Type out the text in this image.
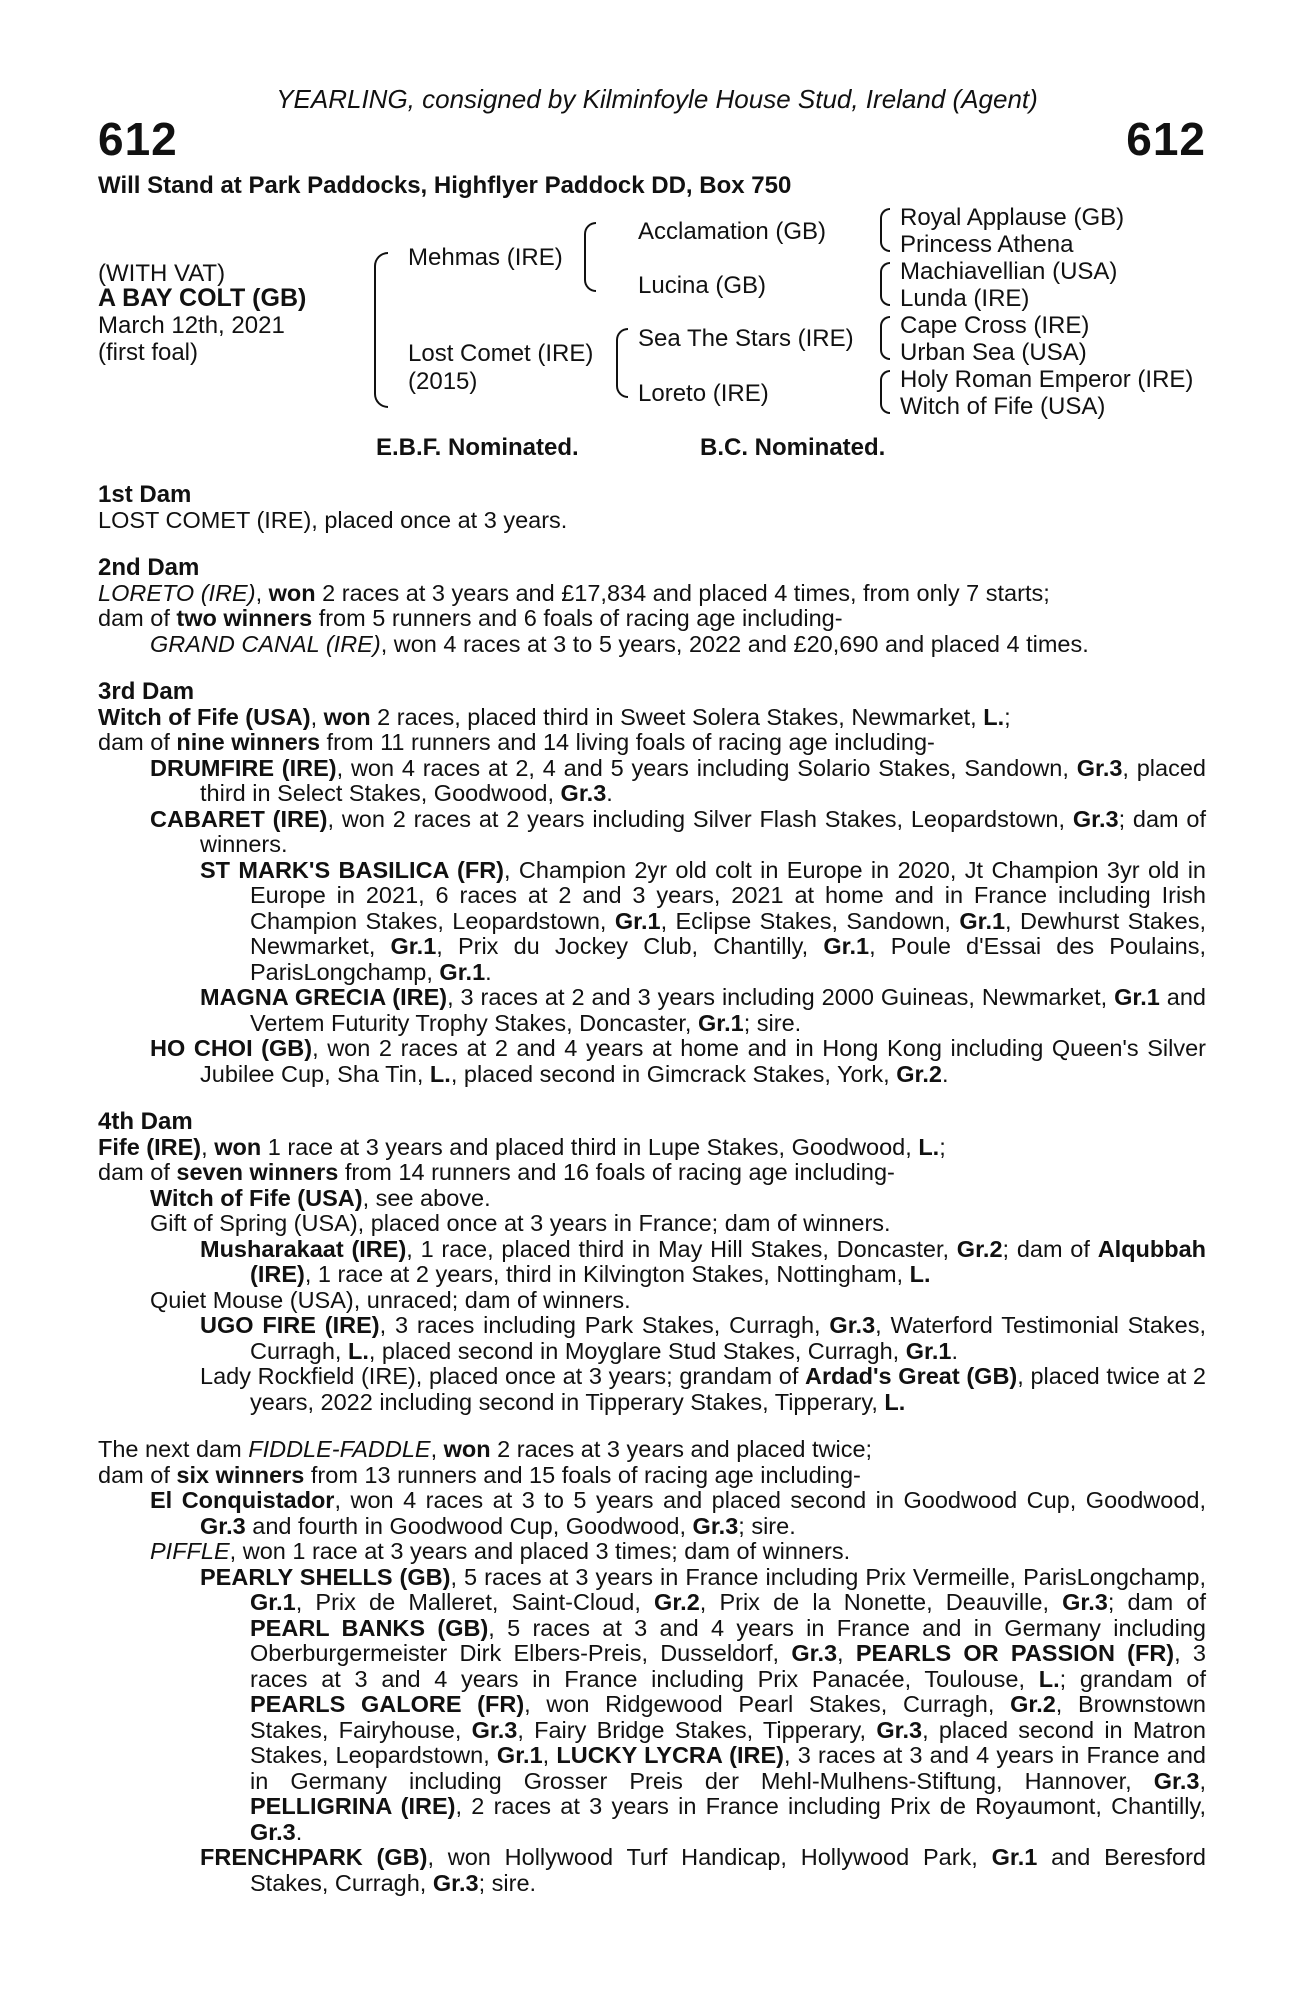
YEARLING, consigned by Kilminfoyle House Stud, Ireland (Agent)
612	612
Will Stand at Park Paddocks, Highflyer Paddock DD, Box 750
(WITH VAT)
A BAY COLT (GB)
March 12th, 2021
(first foal)
Mehmas (IRE)
Lost Comet (IRE)
(2015)
Acclamation (GB)
Lucina (GB)
Sea The Stars (IRE)
Loreto (IRE)
Royal Applause (GB)
Princess Athena
Machiavellian (USA)
Lunda (IRE)
Cape Cross (IRE)
Urban Sea (USA)
Holy Roman Emperor (IRE)
Witch of Fife (USA)
E.B.F. Nominated.	B.C. Nominated.
1st Dam
LOST COMET (IRE), placed once at 3 years.
2nd Dam
LORETO (IRE), won 2 races at 3 years and £17,834 and placed 4 times, from only 7 starts;
dam of two winners from 5 runners and 6 foals of racing age including-
GRAND CANAL (IRE), won 4 races at 3 to 5 years, 2022 and £20,690 and placed 4 times.
3rd Dam
Witch of Fife (USA), won 2 races, placed third in Sweet Solera Stakes, Newmarket, L.;
dam of nine winners from 11 runners and 14 living foals of racing age including-
DRUMFIRE (IRE), won 4 races at 2, 4 and 5 years including Solario Stakes, Sandown, Gr.3, placed third in Select Stakes, Goodwood, Gr.3.
CABARET (IRE), won 2 races at 2 years including Silver Flash Stakes, Leopardstown, Gr.3; dam of winners.
ST MARK'S BASILICA (FR), Champion 2yr old colt in Europe in 2020, Jt Champion 3yr old in Europe in 2021, 6 races at 2 and 3 years, 2021 at home and in France including Irish Champion Stakes, Leopardstown, Gr.1, Eclipse Stakes, Sandown, Gr.1, Dewhurst Stakes, Newmarket, Gr.1, Prix du Jockey Club, Chantilly, Gr.1, Poule d'Essai des Poulains, ParisLongchamp, Gr.1.
MAGNA GRECIA (IRE), 3 races at 2 and 3 years including 2000 Guineas, Newmarket, Gr.1 and Vertem Futurity Trophy Stakes, Doncaster, Gr.1; sire.
HO CHOI (GB), won 2 races at 2 and 4 years at home and in Hong Kong including Queen's Silver Jubilee Cup, Sha Tin, L., placed second in Gimcrack Stakes, York, Gr.2.
4th Dam
Fife (IRE), won 1 race at 3 years and placed third in Lupe Stakes, Goodwood, L.;
dam of seven winners from 14 runners and 16 foals of racing age including-
Witch of Fife (USA), see above.
Gift of Spring (USA), placed once at 3 years in France; dam of winners.
Musharakaat (IRE), 1 race, placed third in May Hill Stakes, Doncaster, Gr.2; dam of Alqubbah (IRE), 1 race at 2 years, third in Kilvington Stakes, Nottingham, L.
Quiet Mouse (USA), unraced; dam of winners.
UGO FIRE (IRE), 3 races including Park Stakes, Curragh, Gr.3, Waterford Testimonial Stakes, Curragh, L., placed second in Moyglare Stud Stakes, Curragh, Gr.1.
Lady Rockfield (IRE), placed once at 3 years; grandam of Ardad's Great (GB), placed twice at 2 years, 2022 including second in Tipperary Stakes, Tipperary, L.
The next dam FIDDLE-FADDLE, won 2 races at 3 years and placed twice;
dam of six winners from 13 runners and 15 foals of racing age including-
El Conquistador, won 4 races at 3 to 5 years and placed second in Goodwood Cup, Goodwood, Gr.3 and fourth in Goodwood Cup, Goodwood, Gr.3; sire.
PIFFLE, won 1 race at 3 years and placed 3 times; dam of winners.
PEARLY SHELLS (GB), 5 races at 3 years in France including Prix Vermeille, ParisLongchamp, Gr.1, Prix de Malleret, Saint-Cloud, Gr.2, Prix de la Nonette, Deauville, Gr.3; dam of PEARL BANKS (GB), 5 races at 3 and 4 years in France and in Germany including Oberburgermeister Dirk Elbers-Preis, Dusseldorf, Gr.3, PEARLS OR PASSION (FR), 3 races at 3 and 4 years in France including Prix Panacée, Toulouse, L.; grandam of PEARLS GALORE (FR), won Ridgewood Pearl Stakes, Curragh, Gr.2, Brownstown Stakes, Fairyhouse, Gr.3, Fairy Bridge Stakes, Tipperary, Gr.3, placed second in Matron Stakes, Leopardstown, Gr.1, LUCKY LYCRA (IRE), 3 races at 3 and 4 years in France and in Germany including Grosser Preis der Mehl-Mulhens-Stiftung, Hannover, Gr.3, PELLIGRINA (IRE), 2 races at 3 years in France including Prix de Royaumont, Chantilly, Gr.3.
FRENCHPARK (GB), won Hollywood Turf Handicap, Hollywood Park, Gr.1 and Beresford Stakes, Curragh, Gr.3; sire.
